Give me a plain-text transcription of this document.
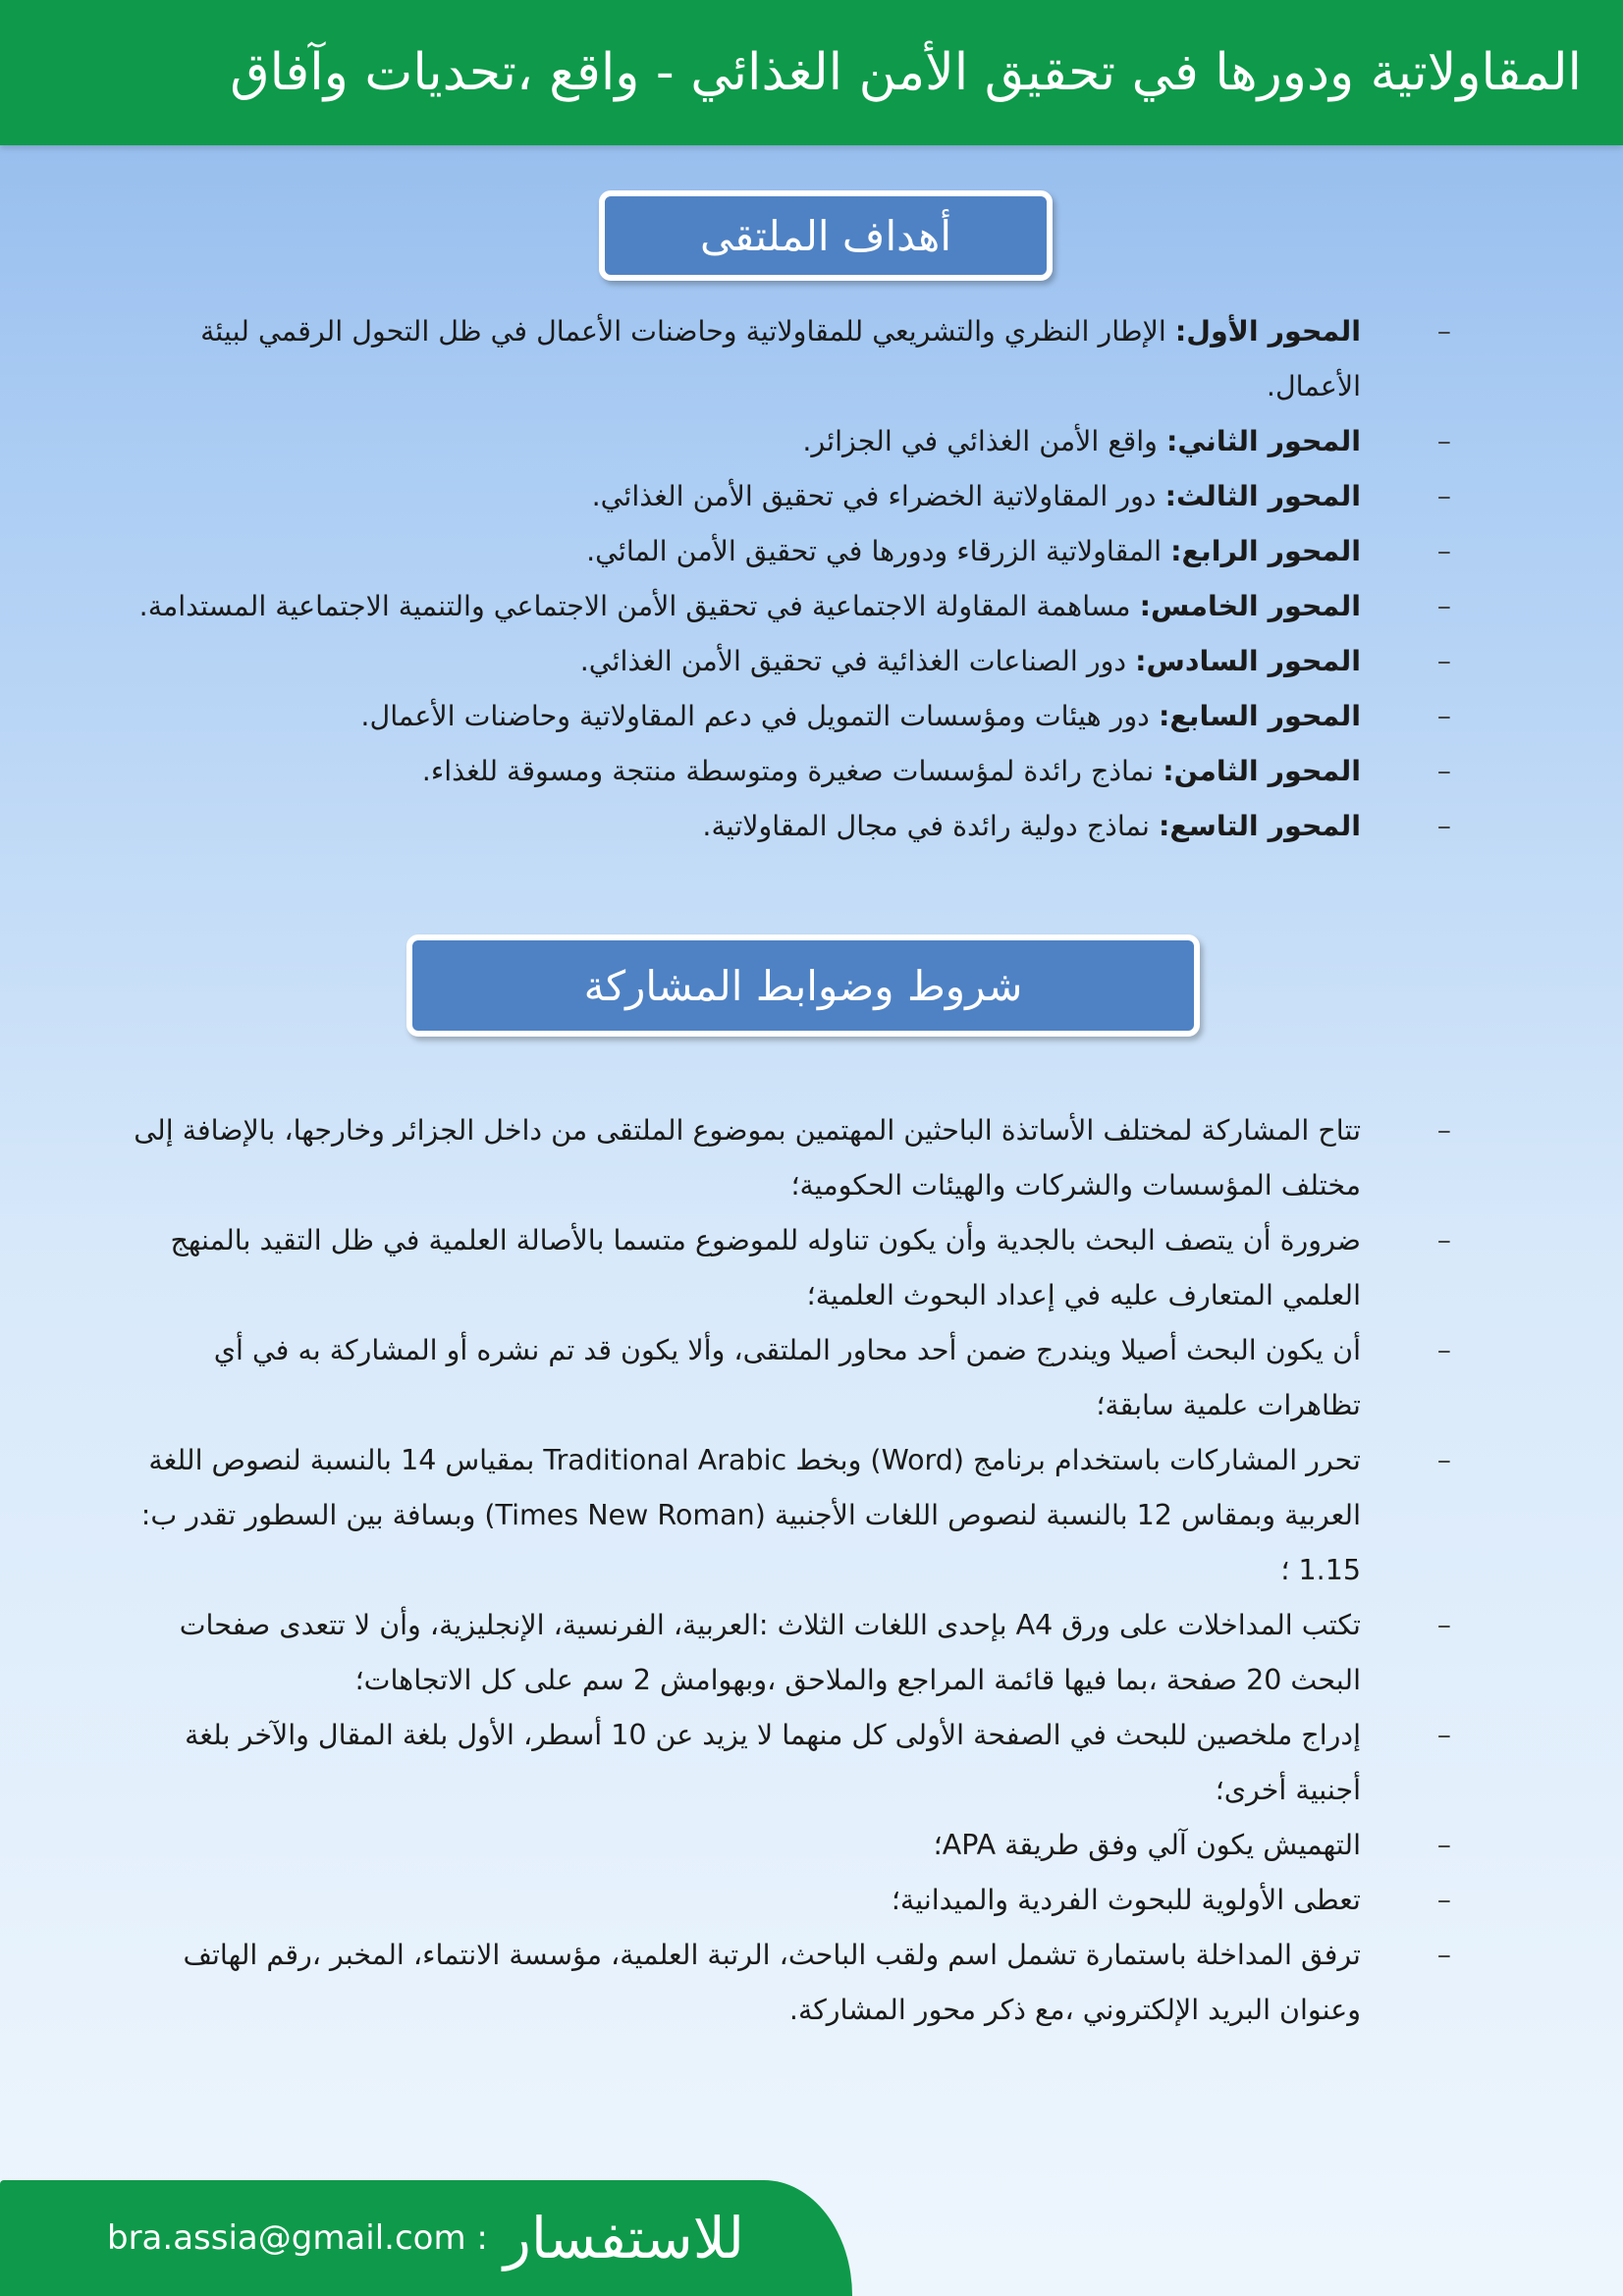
المقاولاتية ودورها في تحقيق الأمن الغذائي - واقع ،تحديات وآفاق
أهداف الملتقى
–
المحور الأول: الإطار النظري والتشريعي للمقاولاتية وحاضنات الأعمال في ظل التحول الرقمي لبيئة الأعمال.
–
المحور الثاني: واقع الأمن الغذائي في الجزائر.
–
المحور الثالث: دور المقاولاتية الخضراء في تحقيق الأمن الغذائي.
–
المحور الرابع: المقاولاتية الزرقاء ودورها في تحقيق الأمن المائي.
–
المحور الخامس: مساهمة المقاولة الاجتماعية في تحقيق الأمن الاجتماعي والتنمية الاجتماعية المستدامة.
–
المحور السادس: دور الصناعات الغذائية في تحقيق الأمن الغذائي.
–
المحور السابع: دور هيئات ومؤسسات التمويل في دعم المقاولاتية وحاضنات الأعمال.
–
المحور الثامن: نماذج رائدة لمؤسسات صغيرة ومتوسطة منتجة ومسوقة للغذاء.
–
المحور التاسع: نماذج دولية رائدة في مجال المقاولاتية.
شروط وضوابط المشاركة
–
تتاح المشاركة لمختلف الأساتذة الباحثين المهتمين بموضوع الملتقى من داخل الجزائر وخارجها، بالإضافة إلى مختلف المؤسسات والشركات والهيئات الحكومية؛
–
ضرورة أن يتصف البحث بالجدية وأن يكون تناوله للموضوع متسما بالأصالة العلمية في ظل التقيد بالمنهج العلمي المتعارف عليه في إعداد البحوث العلمية؛
–
أن يكون البحث أصيلا ويندرج ضمن أحد محاور الملتقى، وألا يكون قد تم نشره أو المشاركة به في أي تظاهرات علمية سابقة؛
–
تحرر المشاركات باستخدام برنامج (Word) وبخط Traditional Arabic بمقياس 14 بالنسبة لنصوص اللغة العربية وبمقاس 12 بالنسبة لنصوص اللغات الأجنبية (Times New Roman) وبسافة بين السطور تقدر ب: 1.15 ؛
–
تكتب المداخلات على ورق A4 بإحدى اللغات الثلاث :العربية، الفرنسية، الإنجليزية، وأن لا تتعدى صفحات البحث 20 صفحة ،بما فيها قائمة المراجع والملاحق ،وبهوامش 2 سم على كل الاتجاهات؛
–
إدراج ملخصين للبحث في الصفحة الأولى كل منهما لا يزيد عن 10 أسطر، الأول بلغة المقال والآخر بلغة أجنبية أخرى؛
–
التهميش يكون آلي وفق طريقة APA؛
–
تعطى الأولوية للبحوث الفردية والميدانية؛
–
ترفق المداخلة باستمارة تشمل اسم ولقب الباحث، الرتبة العلمية، مؤسسة الانتماء، المخبر ،رقم الهاتف وعنوان البريد الإلكتروني ،مع ذكر محور المشاركة.
bra.assia@gmail.com : للاستفسار
